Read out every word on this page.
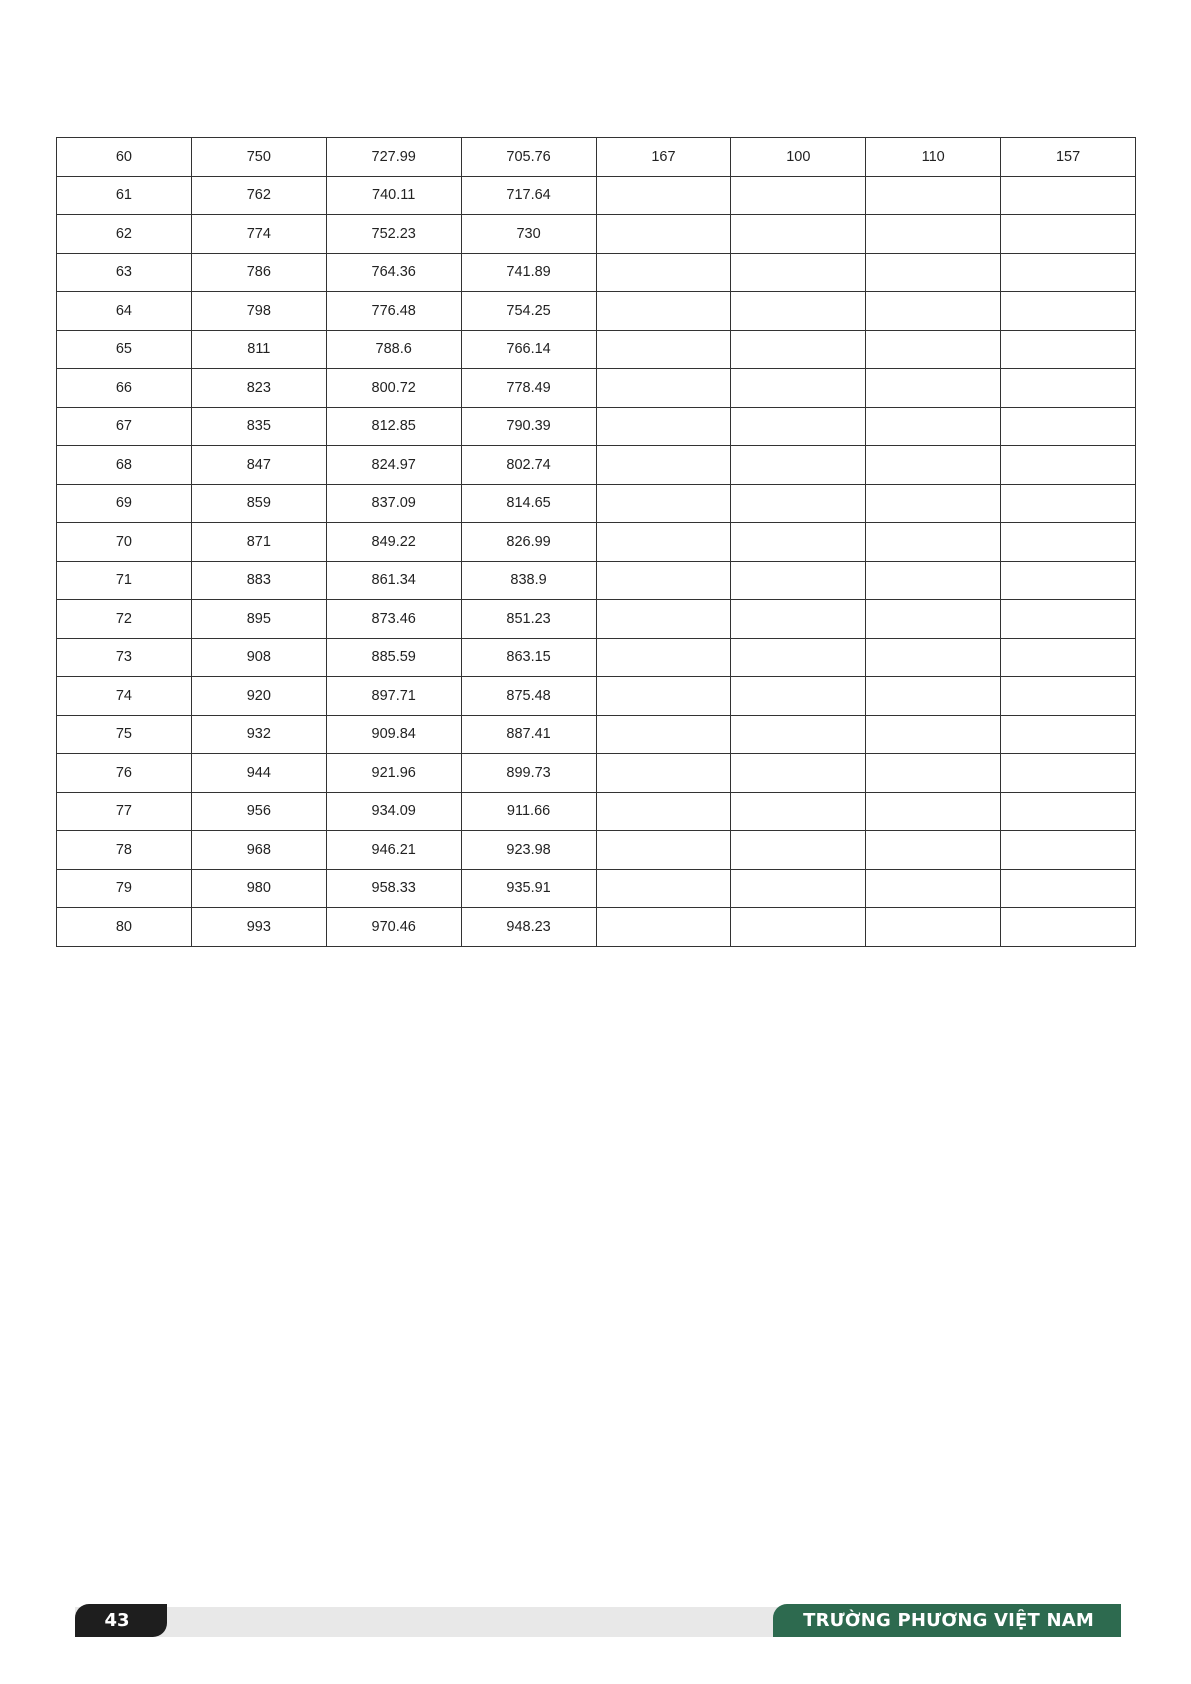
60	750	727.99	705.76	167	100	110	157
61	762	740.11	717.64				
62	774	752.23	730				
63	786	764.36	741.89				
64	798	776.48	754.25				
65	811	788.6	766.14				
66	823	800.72	778.49				
67	835	812.85	790.39				
68	847	824.97	802.74				
69	859	837.09	814.65				
70	871	849.22	826.99				
71	883	861.34	838.9				
72	895	873.46	851.23				
73	908	885.59	863.15				
74	920	897.71	875.48				
75	932	909.84	887.41				
76	944	921.96	899.73				
77	956	934.09	911.66				
78	968	946.21	923.98				
79	980	958.33	935.91				
80	993	970.46	948.23				
43	TRƯỜNG PHƯƠNG VIỆT NAM
